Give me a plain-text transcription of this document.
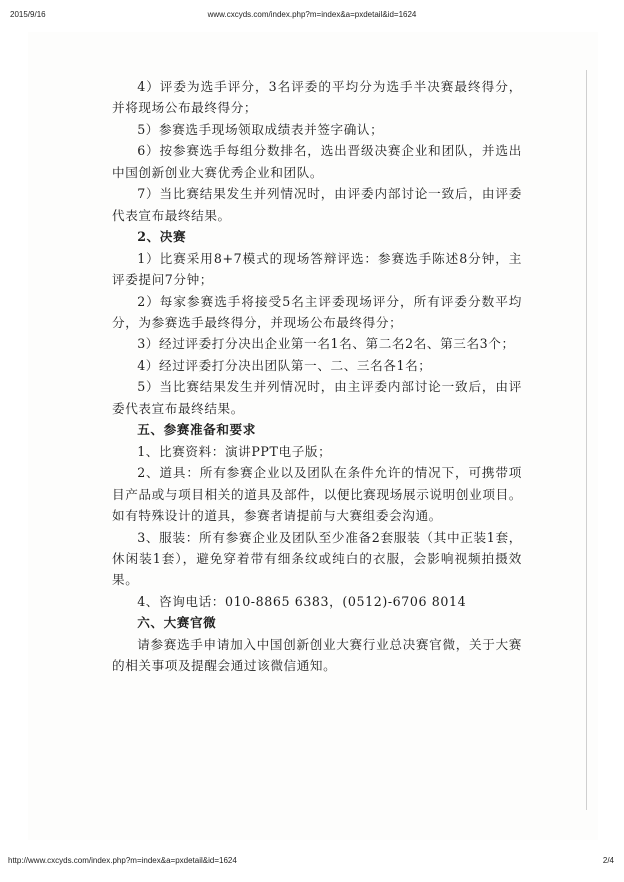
2015/9/16	www.cxcyds.com/index.php?m=index&a=pxdetail&id=1624

4）评委为选手评分，3名评委的平均分为选手半决赛最终得分，并将现场公布最终得分；

5）参赛选手现场领取成绩表并签字确认；

6）按参赛选手每组分数排名，选出晋级决赛企业和团队，并选出中国创新创业大赛优秀企业和团队。

7）当比赛结果发生并列情况时，由评委内部讨论一致后，由评委代表宣布最终结果。

2、决赛

1）比赛采用8+7模式的现场答辩评选：参赛选手陈述8分钟，主评委提问7分钟；

2）每家参赛选手将接受5名主评委现场评分，所有评委分数平均分，为参赛选手最终得分，并现场公布最终得分；

3）经过评委打分决出企业第一名1名、第二名2名、第三名3个；

4）经过评委打分决出团队第一、二、三名各1名；

5）当比赛结果发生并列情况时，由主评委内部讨论一致后，由评委代表宣布最终结果。

五、参赛准备和要求

1、比赛资料：演讲PPT电子版；

2、道具：所有参赛企业以及团队在条件允许的情况下，可携带项目产品或与项目相关的道具及部件，以便比赛现场展示说明创业项目。如有特殊设计的道具，参赛者请提前与大赛组委会沟通。

3、服装：所有参赛企业及团队至少准备2套服装（其中正装1套，休闲装1套），避免穿着带有细条纹或纯白的衣服，会影响视频拍摄效果。

4、咨询电话：010-8865 6383，(0512)-6706 8014

六、大赛官微

请参赛选手申请加入中国创新创业大赛行业总决赛官微，关于大赛的相关事项及提醒会通过该微信通知。

http://www.cxcyds.com/index.php?m=index&a=pxdetail&id=1624	2/4
